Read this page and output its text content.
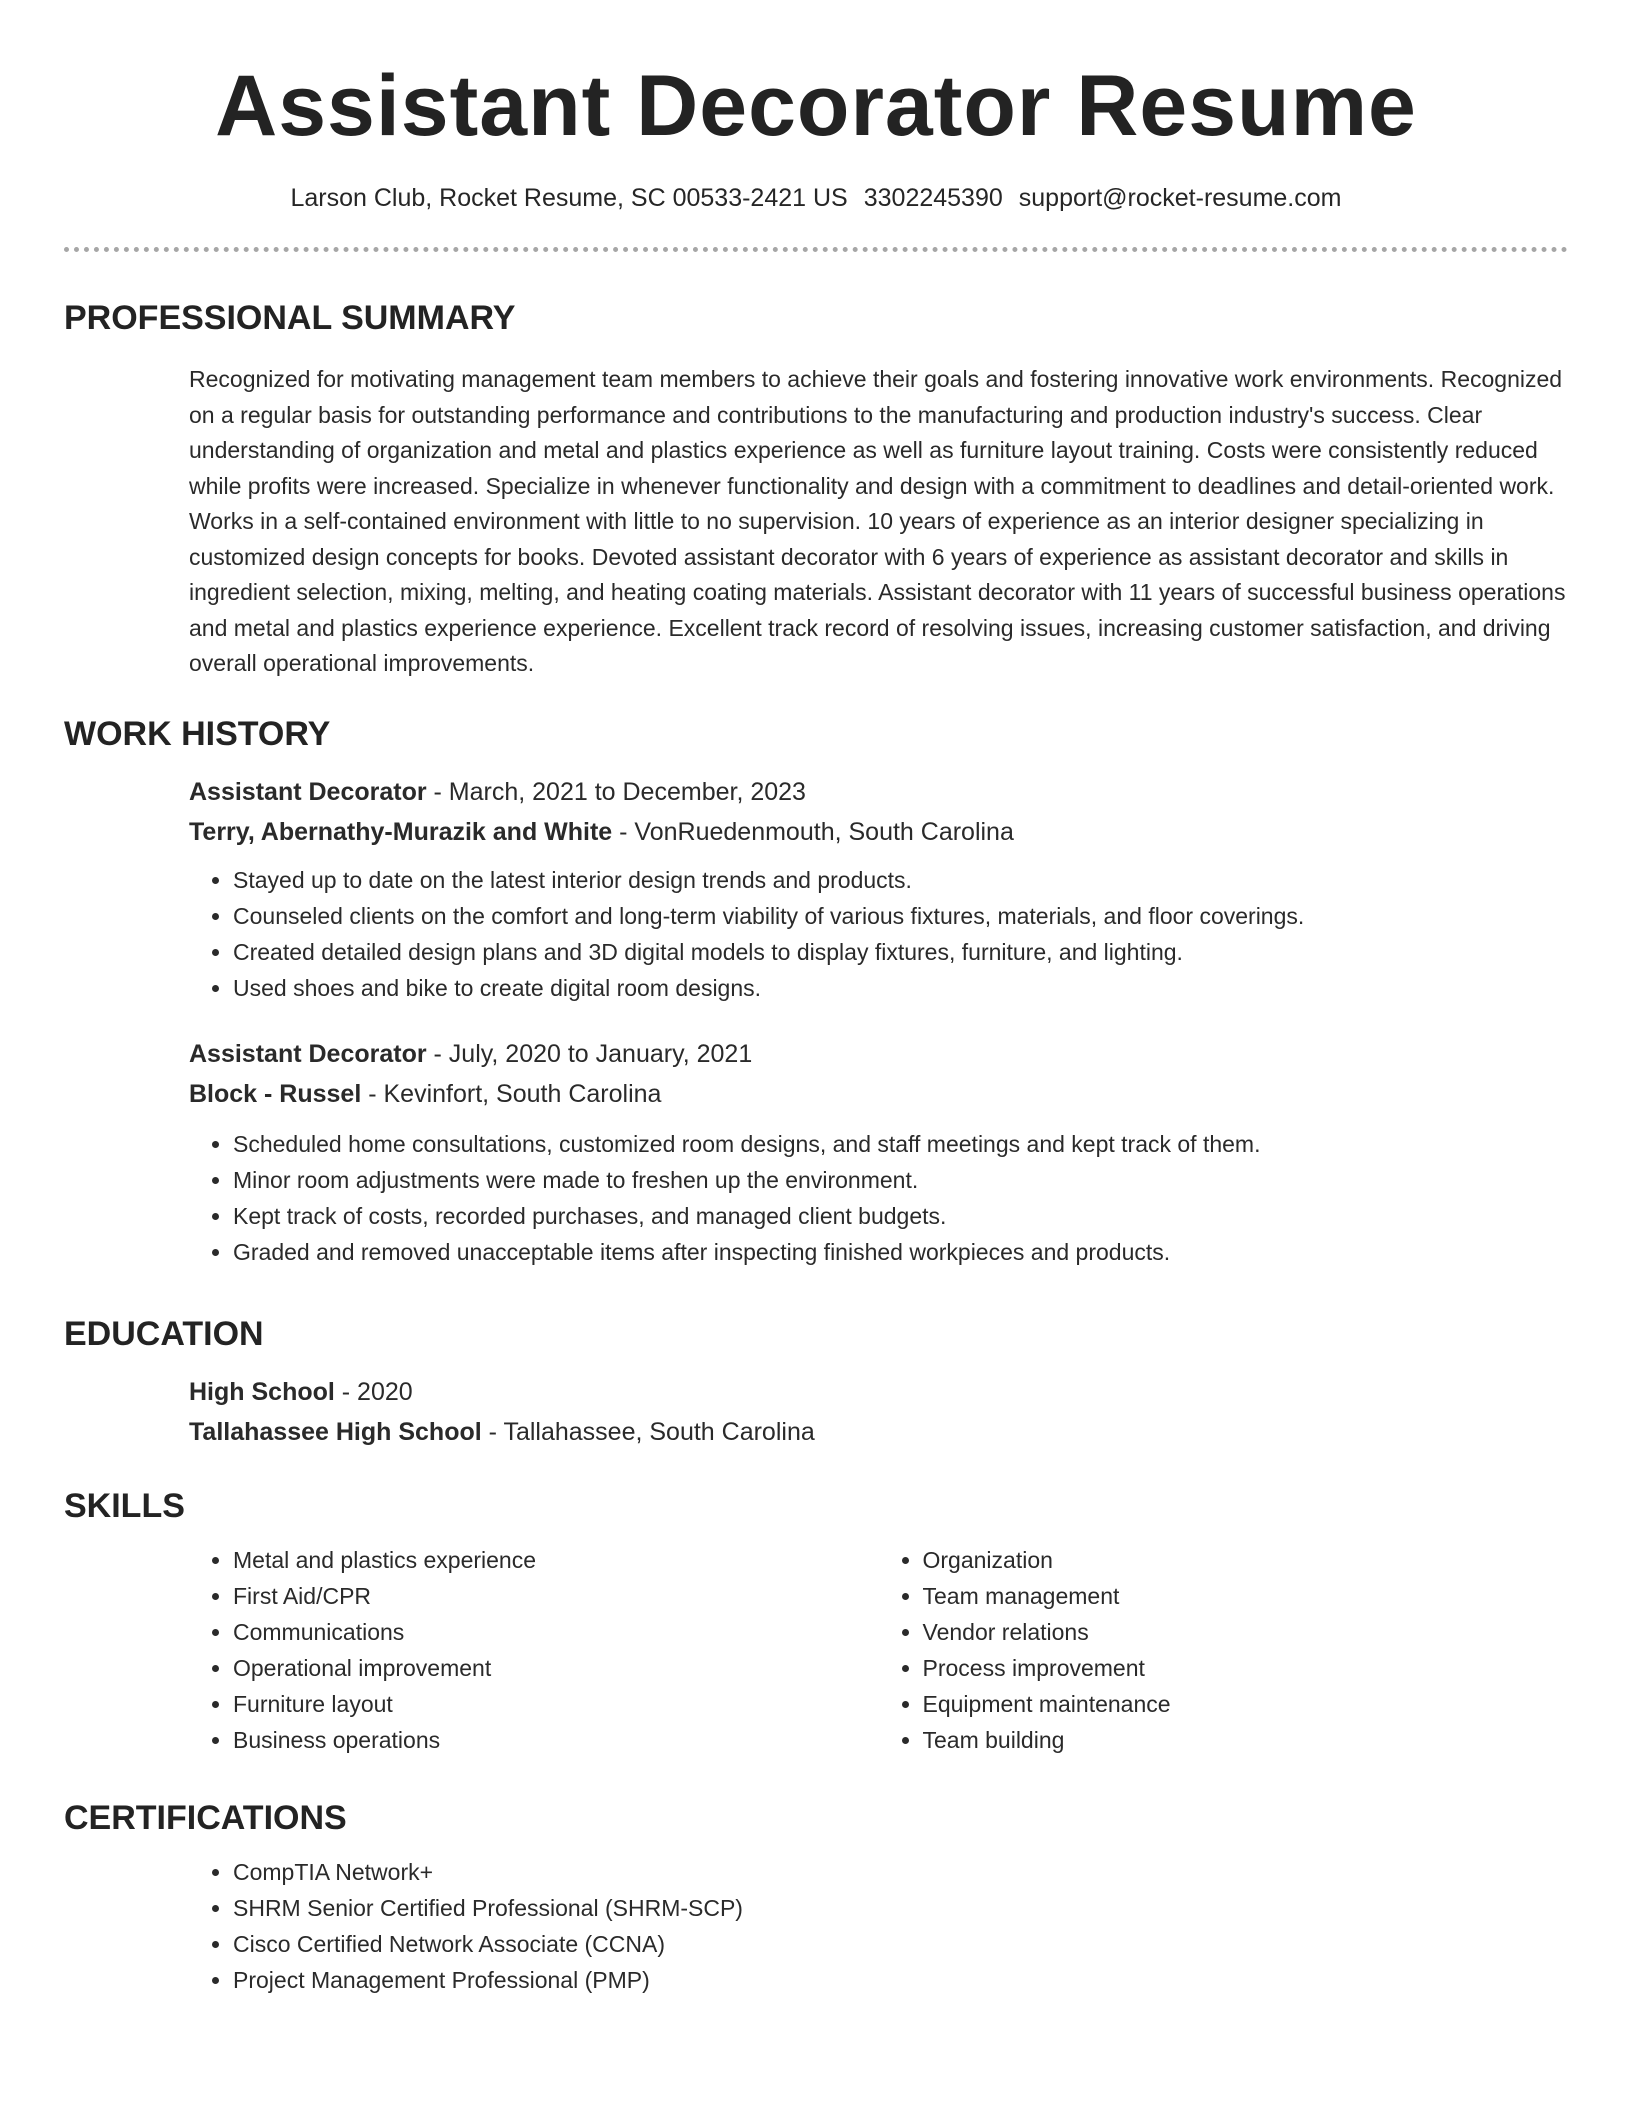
Assistant Decorator Resume
Larson Club, Rocket Resume, SC 00533-2421 US 3302245390 support@rocket-resume.com
PROFESSIONAL SUMMARY

Recognized for motivating management team members to achieve their goals and fostering innovative work environments. Recognized on a regular basis for outstanding performance and contributions to the manufacturing and production industry's success. Clear understanding of organization and metal and plastics experience as well as furniture layout training. Costs were consistently reduced while profits were increased. Specialize in whenever functionality and design with a commitment to deadlines and detail-oriented work. Works in a self-contained environment with little to no supervision. 10 years of experience as an interior designer specializing in customized design concepts for books. Devoted assistant decorator with 6 years of experience as assistant decorator and skills in ingredient selection, mixing, melting, and heating coating materials. Assistant decorator with 11 years of successful business operations and metal and plastics experience experience. Excellent track record of resolving issues, increasing customer satisfaction, and driving overall operational improvements.

WORK HISTORY
Assistant Decorator - March, 2021 to December, 2023
Terry, Abernathy-Murazik and White - VonRuedenmouth, South Carolina
• Stayed up to date on the latest interior design trends and products.
• Counseled clients on the comfort and long-term viability of various fixtures, materials, and floor coverings.
• Created detailed design plans and 3D digital models to display fixtures, furniture, and lighting.
• Used shoes and bike to create digital room designs.
Assistant Decorator - July, 2020 to January, 2021
Block - Russel - Kevinfort, South Carolina
• Scheduled home consultations, customized room designs, and staff meetings and kept track of them.
• Minor room adjustments were made to freshen up the environment.
• Kept track of costs, recorded purchases, and managed client budgets.
• Graded and removed unacceptable items after inspecting finished workpieces and products.
EDUCATION
High School - 2020
Tallahassee High School - Tallahassee, South Carolina
SKILLS
• Metal and plastics experience
• First Aid/CPR
• Communications
• Operational improvement
• Furniture layout
• Business operations
• Organization
• Team management
• Vendor relations
• Process improvement
• Equipment maintenance
• Team building
CERTIFICATIONS
• CompTIA Network+
• SHRM Senior Certified Professional (SHRM-SCP)
• Cisco Certified Network Associate (CCNA)
• Project Management Professional (PMP)
